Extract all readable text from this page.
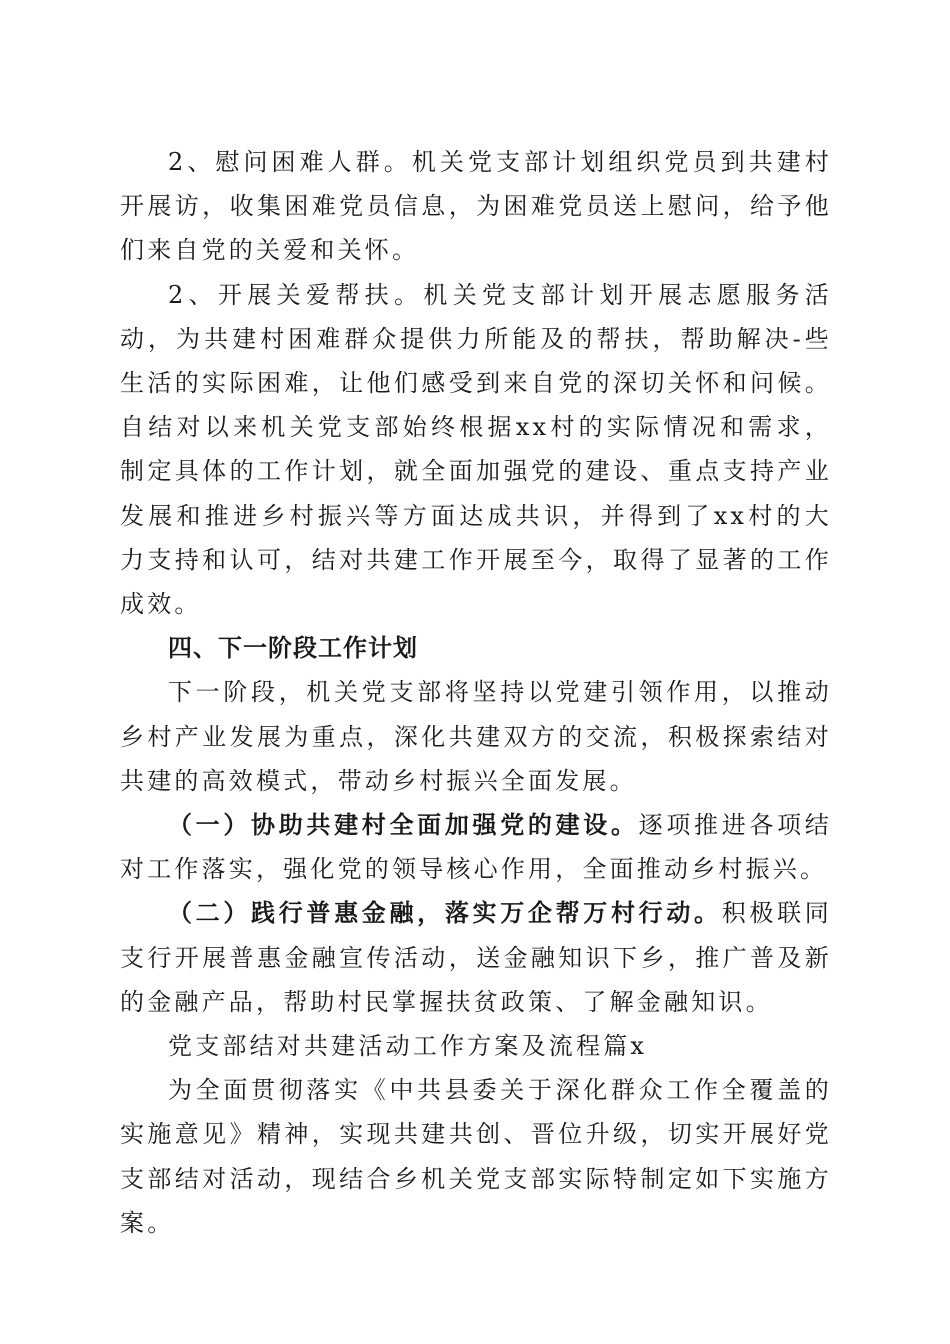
2、慰问困难人群。机关党支部计划组织党员到共建村开展访，收集困难党员信息，为困难党员送上慰问，给予他们来自党的关爱和关怀。

2、开展关爱帮扶。机关党支部计划开展志愿服务活动，为共建村困难群众提供力所能及的帮扶，帮助解决-些生活的实际困难，让他们感受到来自党的深切关怀和问候。自结对以来机关党支部始终根据xx村的实际情况和需求，制定具体的工作计划，就全面加强党的建设、重点支持产业发展和推进乡村振兴等方面达成共识，并得到了xx村的大力支持和认可，结对共建工作开展至今，取得了显著的工作成效。

四、下一阶段工作计划

下一阶段，机关党支部将坚持以党建引领作用，以推动乡村产业发展为重点，深化共建双方的交流，积极探索结对共建的高效模式，带动乡村振兴全面发展。

（一）协助共建村全面加强党的建设。逐项推进各项结对工作落实，强化党的领导核心作用，全面推动乡村振兴。

（二）践行普惠金融，落实万企帮万村行动。积极联同支行开展普惠金融宣传活动，送金融知识下乡，推广普及新的金融产品，帮助村民掌握扶贫政策、了解金融知识。

党支部结对共建活动工作方案及流程篇x

为全面贯彻落实《中共县委关于深化群众工作全覆盖的实施意见》精神，实现共建共创、晋位升级，切实开展好党支部结对活动，现结合乡机关党支部实际特制定如下实施方案。
